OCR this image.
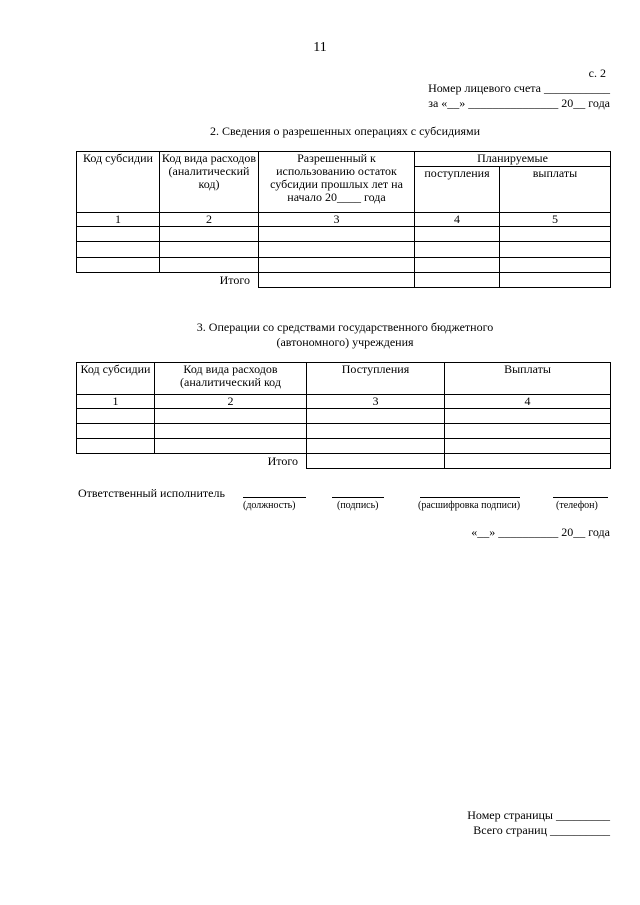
11
с. 2
Номер лицевого счета ___________
за «__» _______________ 20__ года
2. Сведения о разрешенных операциях с субсидиями
Код субсидии	Код вида расходов (аналитический код)	Разрешенный к использованию остаток субсидии прошлых лет на начало 20____ года	Планируемые	
			поступления	выплаты
1	2	3	4	5

Итого				
3. Операции со средствами государственного бюджетного
(автономного) учреждения
Код субсидии	Код вида расходов (аналитический код	Поступления	Выплаты
1	2	3	4

Итого			
Ответственный исполнитель
(должность)	(подпись)	(расшифровка подписи)	(телефон)
«__» __________ 20__ года
Номер страницы _________
Всего страниц __________
